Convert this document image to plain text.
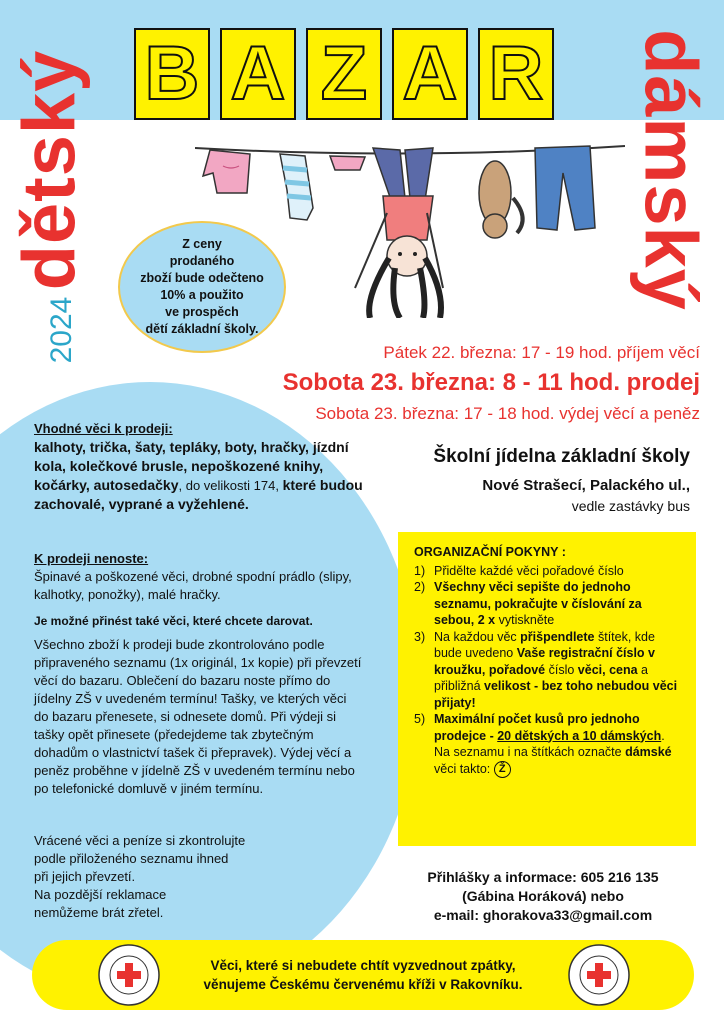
B A Z A R
dětský	dámský
2024
Z ceny
prodaného
zboží bude odečteno
10% a použito
ve prospěch
dětí základní školy.
Pátek 22. března: 17 - 19 hod. příjem věcí
Sobota 23. března: 8 - 11 hod. prodej
Sobota 23. března: 17 - 18 hod. výdej věcí a peněz
Vhodné věci k prodeji:
kalhoty, trička, šaty, tepláky, boty, hračky, jízdní kola, kolečkové brusle, nepoškozené knihy, kočárky, autosedačky, do velikosti 174, které budou zachovalé, vyprané a vyžehlené.
K prodeji nenoste:
Špinavé a poškozené věci, drobné spodní prádlo (slipy, kalhotky, ponožky), malé hračky.
Je možné přinést také věci, které chcete darovat.
Všechno zboží k prodeji bude zkontrolováno podle připraveného seznamu (1x originál, 1x kopie) při převzetí věcí do bazaru. Oblečení do bazaru noste přímo do jídelny ZŠ v uvedeném termínu! Tašky, ve kterých věci do bazaru přenesete, si odnesete domů. Při výdeji si tašky opět přinesete (předejdeme tak zbytečným dohadům o vlastnictví tašek či přepravek). Výdej věcí a peněz proběhne v jídelně ZŠ v uvedeném termínu nebo po telefonické domluvě v jiném termínu.
Vrácené věci a peníze si zkontrolujte
podle přiloženého seznamu ihned
při jejich převzetí.
Na pozdější reklamace
nemůžeme brát zřetel.
Školní jídelna základní školy
Nové Strašecí, Palackého ul.,
vedle zastávky bus
ORGANIZAČNÍ POKYNY :
1) Přidělte každé věci pořadové číslo
2) Všechny věci sepište do jednoho seznamu, pokračujte v číslování za sebou, 2 x vytiskněte
3) Na každou věc přišpendlete štítek, kde bude uvedeno Vaše registrační číslo v kroužku, pořadové číslo věci, cena a přibližná velikost - bez toho nebudou věci přijaty!
5) Maximální počet kusů pro jednoho prodejce - 20 dětských a 10 dámských. Na seznamu i na štítkách označte dámské věci takto: Ž
Přihlášky a informace: 605 216 135
(Gábina Horáková) nebo
e-mail: ghorakova33@gmail.com
Věci, které si nebudete chtít vyzvednout zpátky,
věnujeme Českému červenému kříži v Rakovníku.
